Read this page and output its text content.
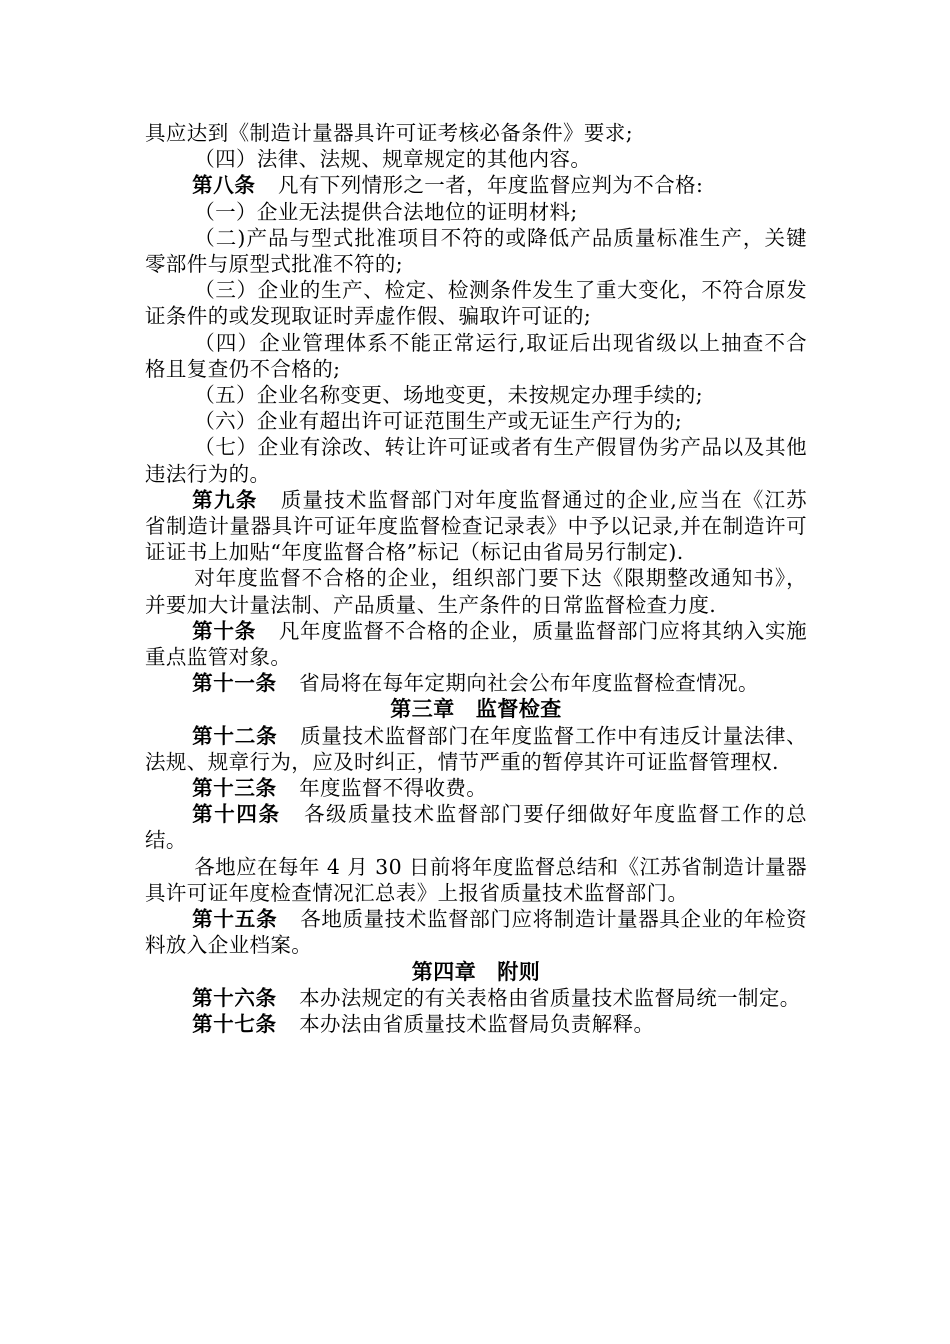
具应达到《制造计量器具许可证考核必备条件》要求;

（四）法律、法规、规章规定的其他内容。

第八条 凡有下列情形之一者，年度监督应判为不合格:

（一）企业无法提供合法地位的证明材料;

（二)产品与型式批准项目不符的或降低产品质量标准生产，关键零部件与原型式批准不符的;

（三）企业的生产、检定、检测条件发生了重大变化，不符合原发证条件的或发现取证时弄虚作假、骗取许可证的;

（四）企业管理体系不能正常运行,取证后出现省级以上抽查不合格且复查仍不合格的;

（五）企业名称变更、场地变更，未按规定办理手续的;

（六）企业有超出许可证范围生产或无证生产行为的;

（七）企业有涂改、转让许可证或者有生产假冒伪劣产品以及其他违法行为的。

第九条 质量技术监督部门对年度监督通过的企业,应当在《江苏省制造计量器具许可证年度监督检查记录表》中予以记录,并在制造许可证证书上加贴“年度监督合格”标记（标记由省局另行制定).

对年度监督不合格的企业，组织部门要下达《限期整改通知书》，并要加大计量法制、产品质量、生产条件的日常监督检查力度.

第十条 凡年度监督不合格的企业，质量监督部门应将其纳入实施重点监管对象。

第十一条 省局将在每年定期向社会公布年度监督检查情况。

第三章 监督检查

第十二条 质量技术监督部门在年度监督工作中有违反计量法律、法规、规章行为，应及时纠正，情节严重的暂停其许可证监督管理权.

第十三条 年度监督不得收费。

第十四条 各级质量技术监督部门要仔细做好年度监督工作的总结。

各地应在每年 4 月 30 日前将年度监督总结和《江苏省制造计量器具许可证年度检查情况汇总表》上报省质量技术监督部门。

第十五条 各地质量技术监督部门应将制造计量器具企业的年检资料放入企业档案。

第四章 附则

第十六条 本办法规定的有关表格由省质量技术监督局统一制定。

第十七条 本办法由省质量技术监督局负责解释。
